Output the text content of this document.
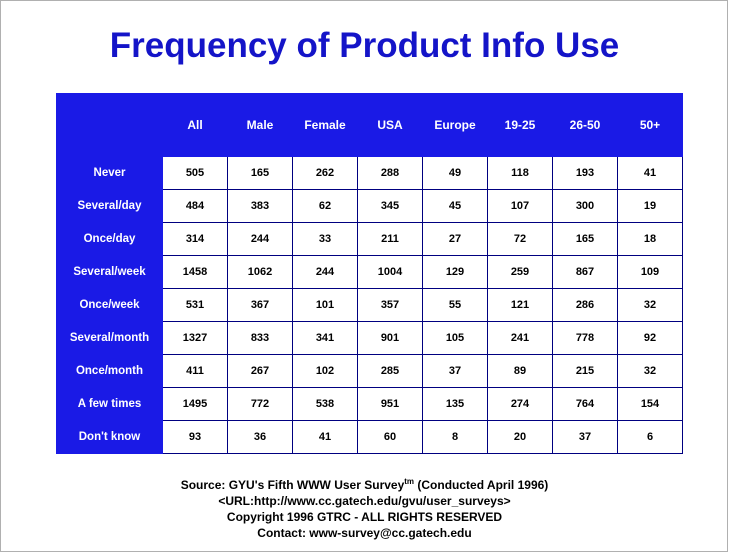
Frequency of Product Info Use
	All	Male	Female	USA	Europe	19-25	26-50	50+
Never	505	165	262	288	49	118	193	41
Several/day	484	383	62	345	45	107	300	19
Once/day	314	244	33	211	27	72	165	18
Several/week	1458	1062	244	1004	129	259	867	109
Once/week	531	367	101	357	55	121	286	32
Several/month	1327	833	341	901	105	241	778	92
Once/month	411	267	102	285	37	89	215	32
A few times	1495	772	538	951	135	274	764	154
Don't know	93	36	41	60	8	20	37	6
Source: GYU's Fifth WWW User Survey$^{tm}$ (Conducted April 1996)
<URL:http://www.cc.gatech.edu/gvu/user_surveys>
Copyright 1996 GTRC - ALL RIGHTS RESERVED
Contact: www-survey@cc.gatech.edu
